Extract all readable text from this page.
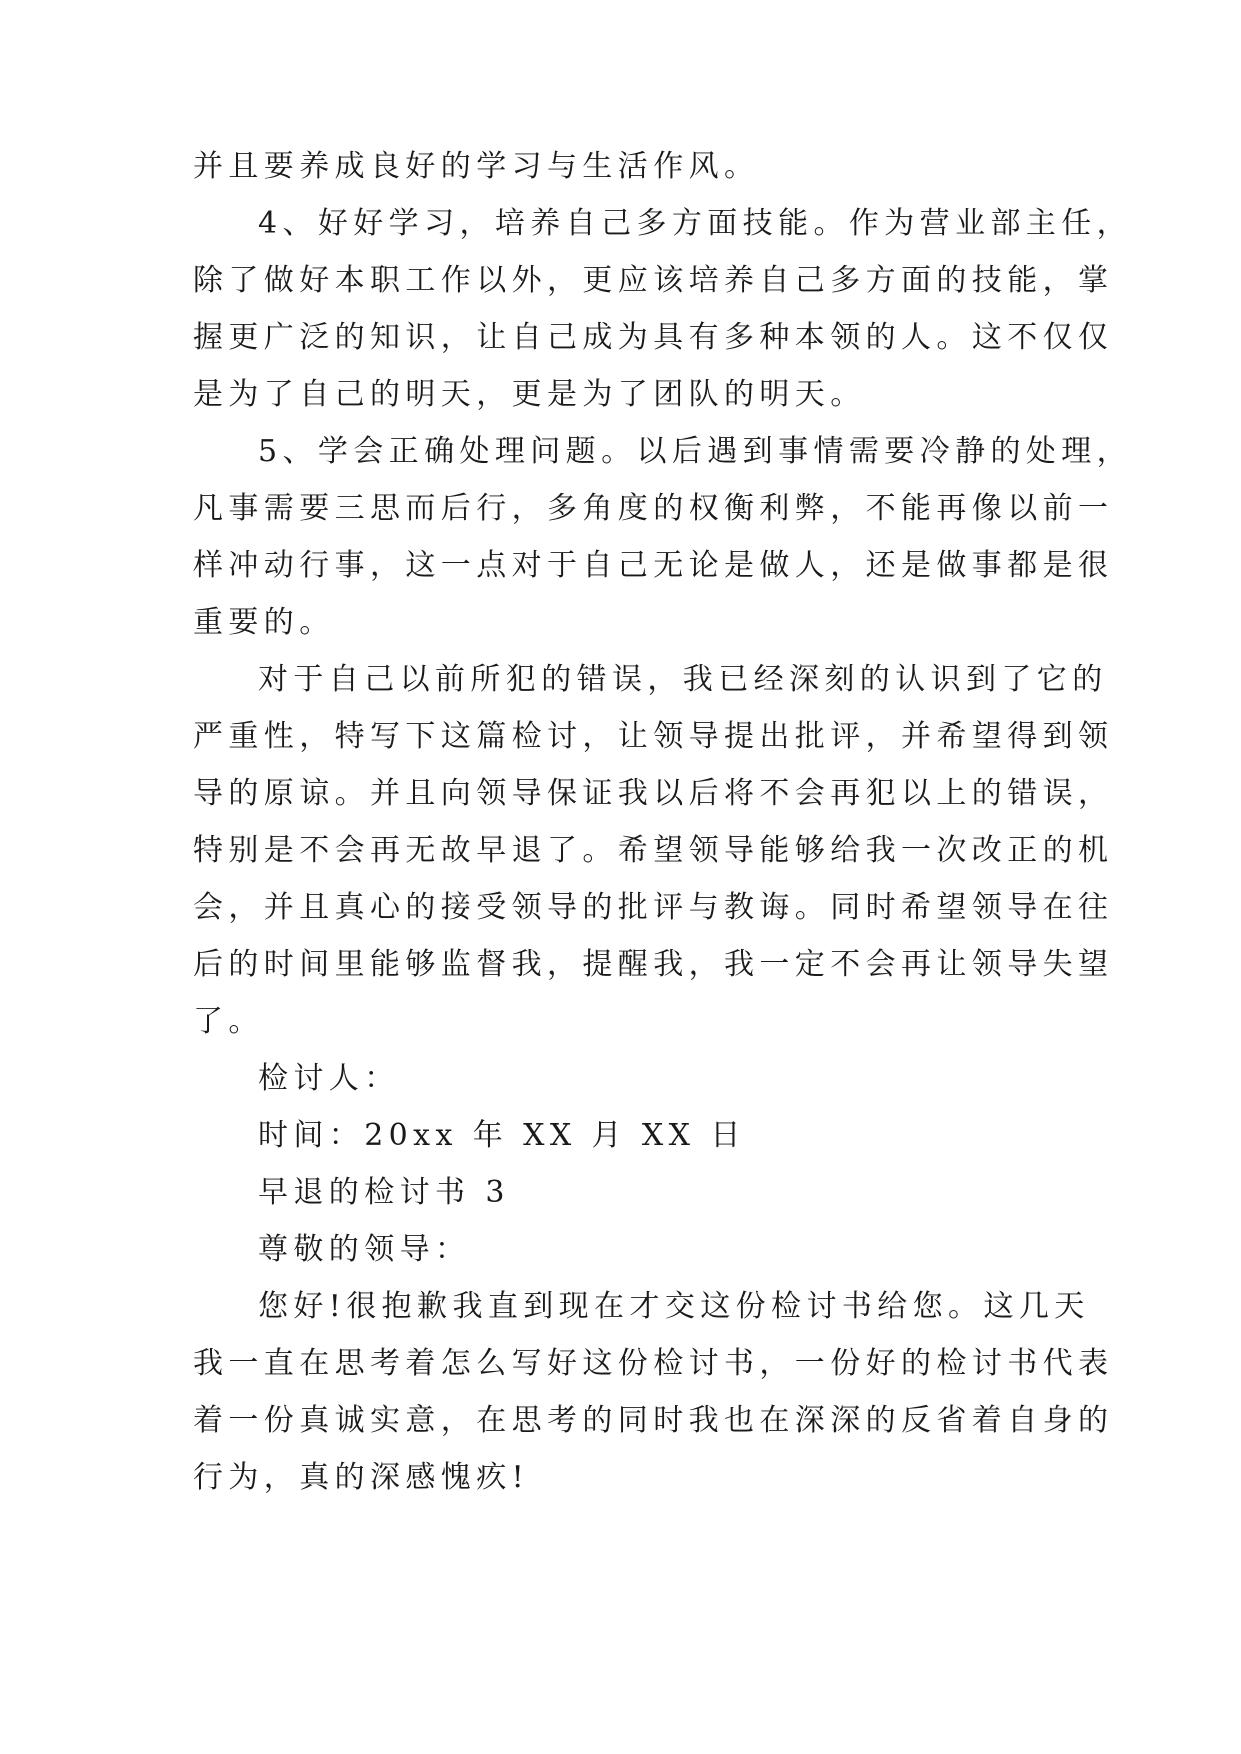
并且要养成良好的学习与生活作风。
4、好好学习，培养自己多方面技能。作为营业部主任，
除了做好本职工作以外，更应该培养自己多方面的技能，掌
握更广泛的知识，让自己成为具有多种本领的人。这不仅仅
是为了自己的明天，更是为了团队的明天。
5、学会正确处理问题。以后遇到事情需要冷静的处理，
凡事需要三思而后行，多角度的权衡利弊，不能再像以前一
样冲动行事，这一点对于自己无论是做人，还是做事都是很
重要的。
对于自己以前所犯的错误，我已经深刻的认识到了它的
严重性，特写下这篇检讨，让领导提出批评，并希望得到领
导的原谅。并且向领导保证我以后将不会再犯以上的错误，
特别是不会再无故早退了。希望领导能够给我一次改正的机
会，并且真心的接受领导的批评与教诲。同时希望领导在往
后的时间里能够监督我，提醒我，我一定不会再让领导失望
了。
检讨人：
时间：20xx 年 XX 月 XX 日
早退的检讨书 3
尊敬的领导：
您好!很抱歉我直到现在才交这份检讨书给您。这几天
我一直在思考着怎么写好这份检讨书，一份好的检讨书代表
着一份真诚实意，在思考的同时我也在深深的反省着自身的
行为，真的深感愧疚!
